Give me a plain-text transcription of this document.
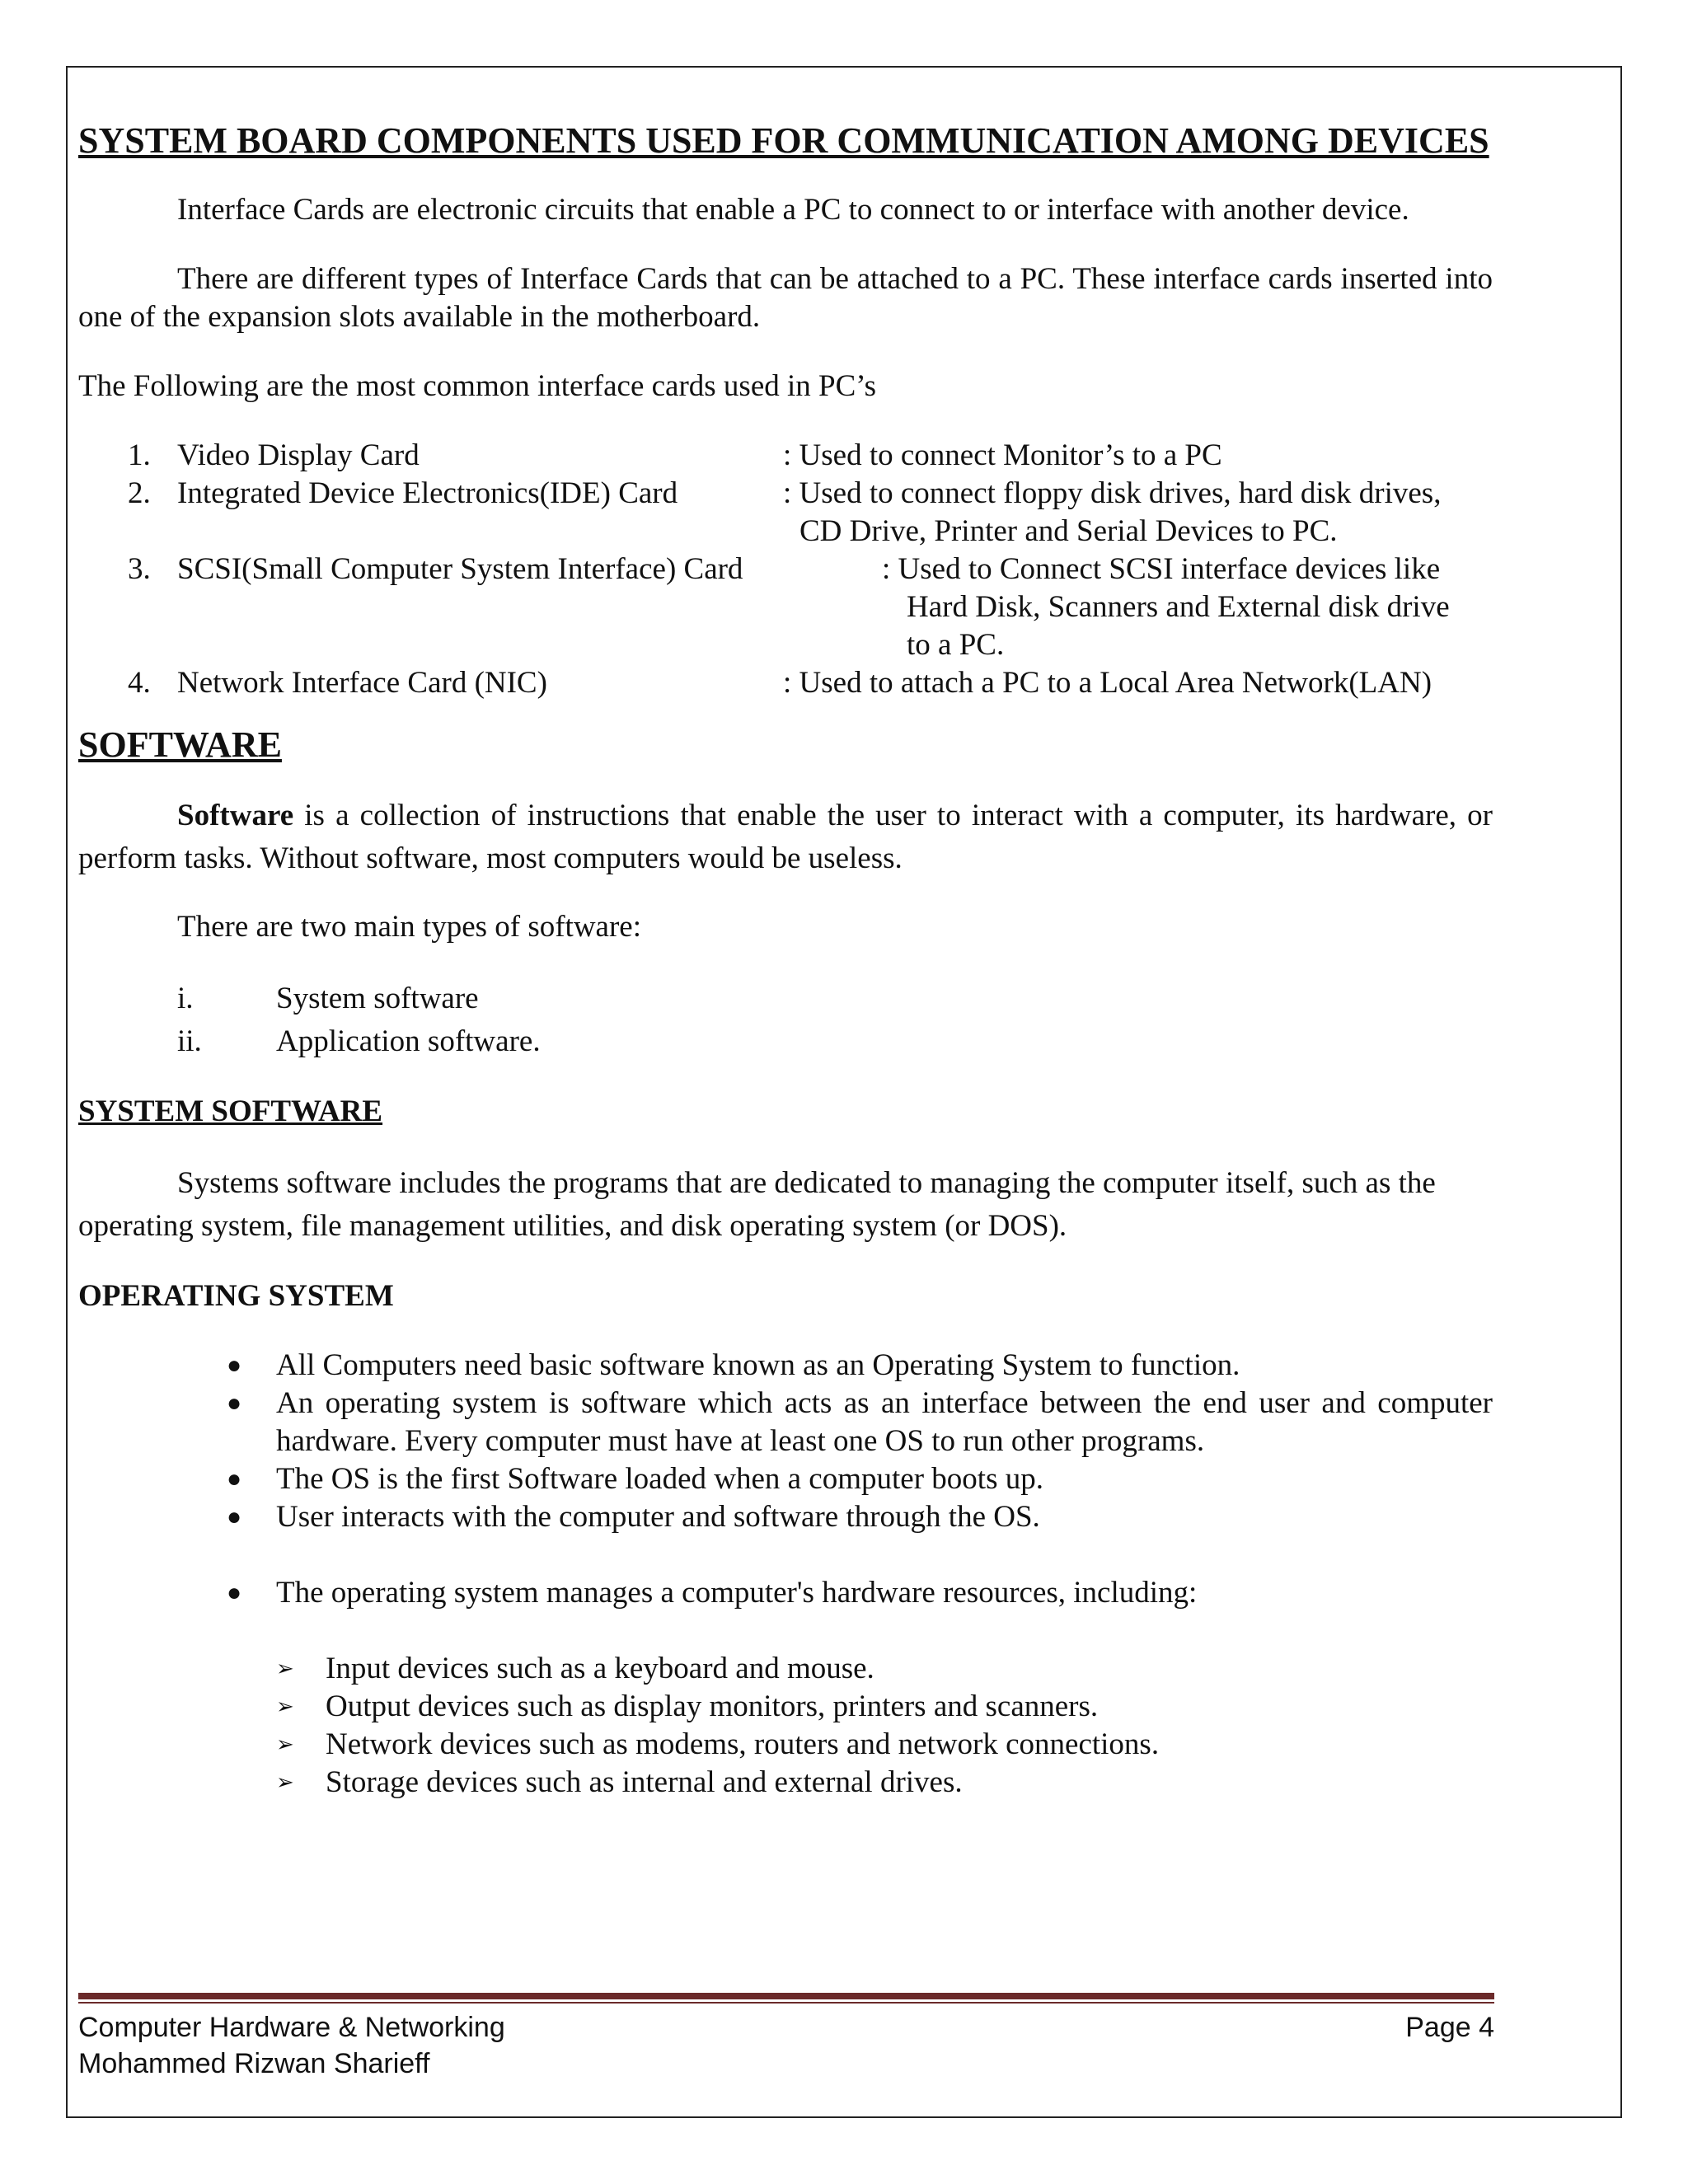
SYSTEM BOARD COMPONENTS USED FOR COMMUNICATION AMONG DEVICES

Interface Cards are electronic circuits that enable a PC to connect to or interface with another device.

There are different types of Interface Cards that can be attached to a PC. These interface cards inserted into one of the expansion slots available in the motherboard.

The Following are the most common interface cards used in PC’s

1. Video Display Card	: Used to connect Monitor’s to a PC
2. Integrated Device Electronics(IDE) Card	: Used to connect floppy disk drives, hard disk drives,
CD Drive, Printer and Serial Devices to PC.
3. SCSI(Small Computer System Interface) Card	: Used to Connect SCSI interface devices like
Hard Disk, Scanners and External disk drive
to a PC.
4. Network Interface Card (NIC)	: Used to attach a PC to a Local Area Network(LAN)

SOFTWARE

Software is a collection of instructions that enable the user to interact with a computer, its hardware, or perform tasks. Without software, most computers would be useless.

There are two main types of software:

i.	System software
ii.	Application software.

SYSTEM SOFTWARE

Systems software includes the programs that are dedicated to managing the computer itself, such as the operating system, file management utilities, and disk operating system (or DOS).

OPERATING SYSTEM

●	All Computers need basic software known as an Operating System to function.
●	An operating system is software which acts as an interface between the end user and computer hardware. Every computer must have at least one OS to run other programs.
●	The OS is the first Software loaded when a computer boots up.
●	User interacts with the computer and software through the OS.
●	The operating system manages a computer's hardware resources, including:
➢	Input devices such as a keyboard and mouse.
➢	Output devices such as display monitors, printers and scanners.
➢	Network devices such as modems, routers and network connections.
➢	Storage devices such as internal and external drives.
Computer Hardware & Networking
Mohammed Rizwan Sharieff
Page 4
